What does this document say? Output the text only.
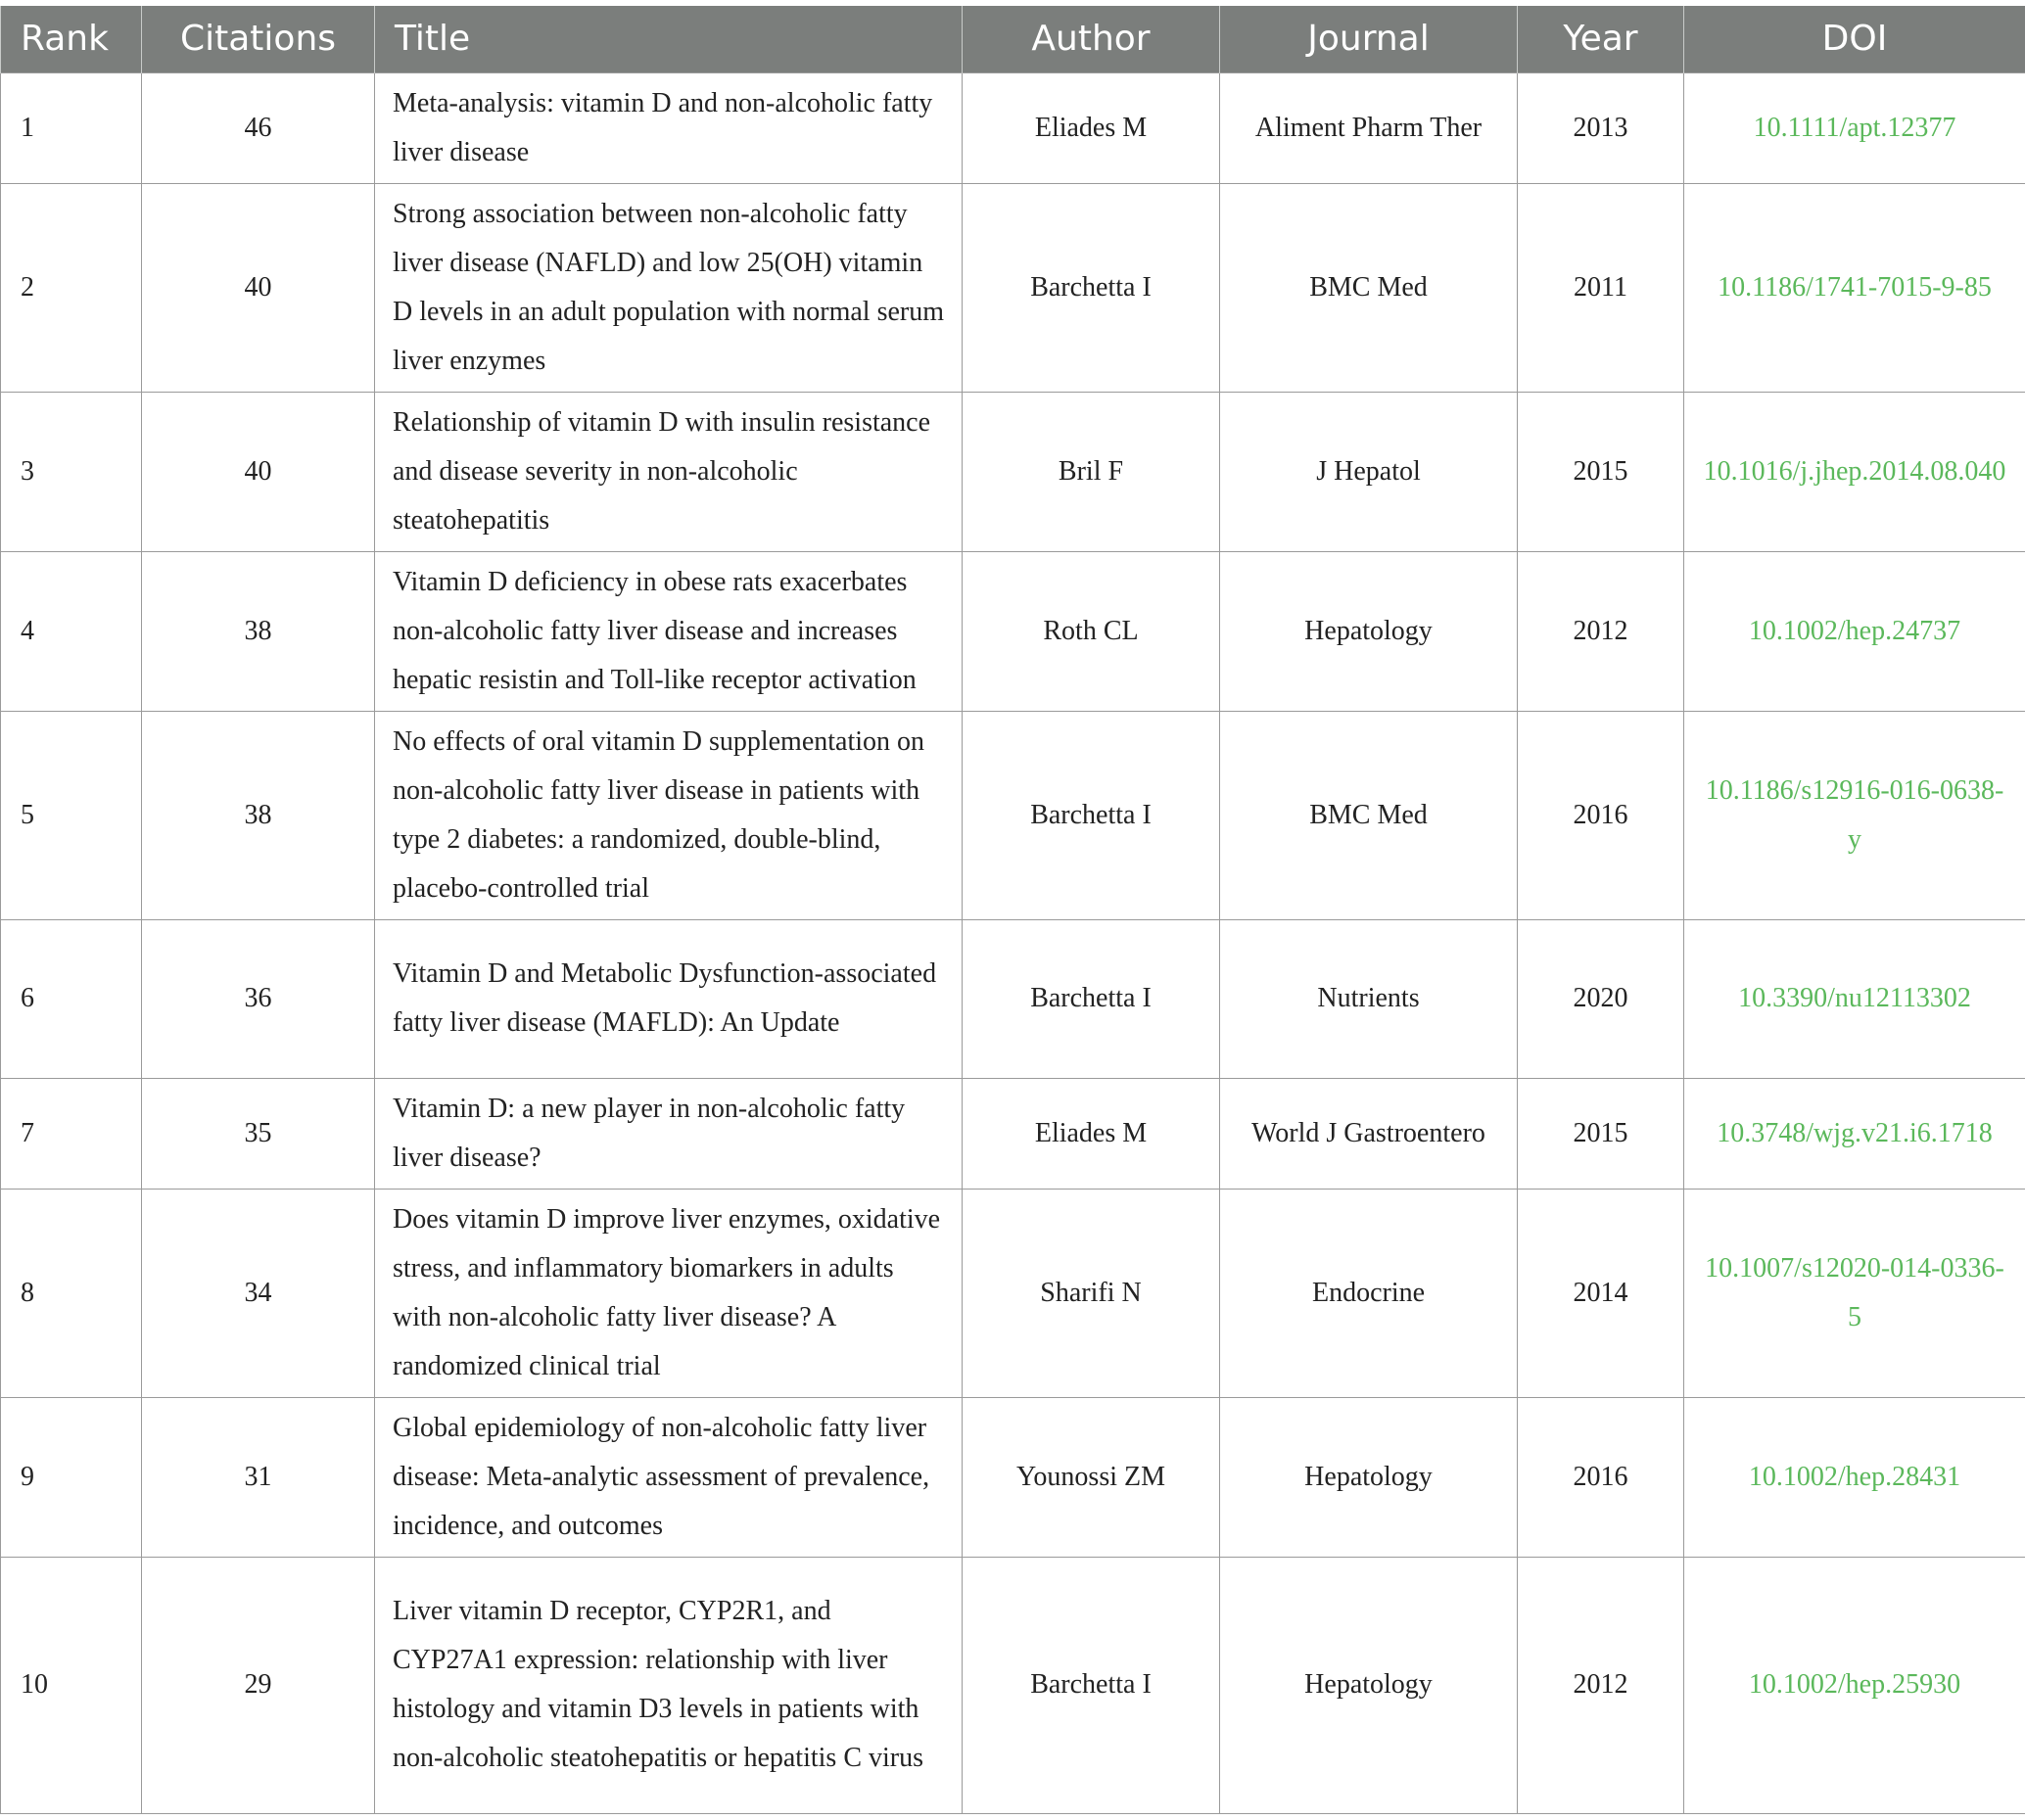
Rank	Citations	Title	Author	Journal	Year	DOI
1	46	Meta-analysis: vitamin D and non-alcoholic fatty liver disease	Eliades M	Aliment Pharm Ther	2013	10.1111/apt.12377
2	40	Strong association between non-alcoholic fatty liver disease (NAFLD) and low 25(OH) vitamin D levels in an adult population with normal serum liver enzymes	Barchetta I	BMC Med	2011	10.1186/1741-7015-9-85
3	40	Relationship of vitamin D with insulin resistance and disease severity in non-alcoholic steatohepatitis	Bril F	J Hepatol	2015	10.1016/j.jhep.2014.08.040
4	38	Vitamin D deficiency in obese rats exacerbates non-alcoholic fatty liver disease and increases hepatic resistin and Toll-like receptor activation	Roth CL	Hepatology	2012	10.1002/hep.24737
5	38	No effects of oral vitamin D supplementation on non-alcoholic fatty liver disease in patients with type 2 diabetes: a randomized, double-blind, placebo-controlled trial	Barchetta I	BMC Med	2016	10.1186/s12916-016-0638-y
6	36	Vitamin D and Metabolic Dysfunction-associated fatty liver disease (MAFLD): An Update	Barchetta I	Nutrients	2020	10.3390/nu12113302
7	35	Vitamin D: a new player in non-alcoholic fatty liver disease?	Eliades M	World J Gastroentero	2015	10.3748/wjg.v21.i6.1718
8	34	Does vitamin D improve liver enzymes, oxidative stress, and inflammatory biomarkers in adults with non-alcoholic fatty liver disease? A randomized clinical trial	Sharifi N	Endocrine	2014	10.1007/s12020-014-0336-5
9	31	Global epidemiology of non-alcoholic fatty liver disease: Meta-analytic assessment of prevalence, incidence, and outcomes	Younossi ZM	Hepatology	2016	10.1002/hep.28431
10	29	Liver vitamin D receptor, CYP2R1, and CYP27A1 expression: relationship with liver histology and vitamin D3 levels in patients with non-alcoholic steatohepatitis or hepatitis C virus	Barchetta I	Hepatology	2012	10.1002/hep.25930
